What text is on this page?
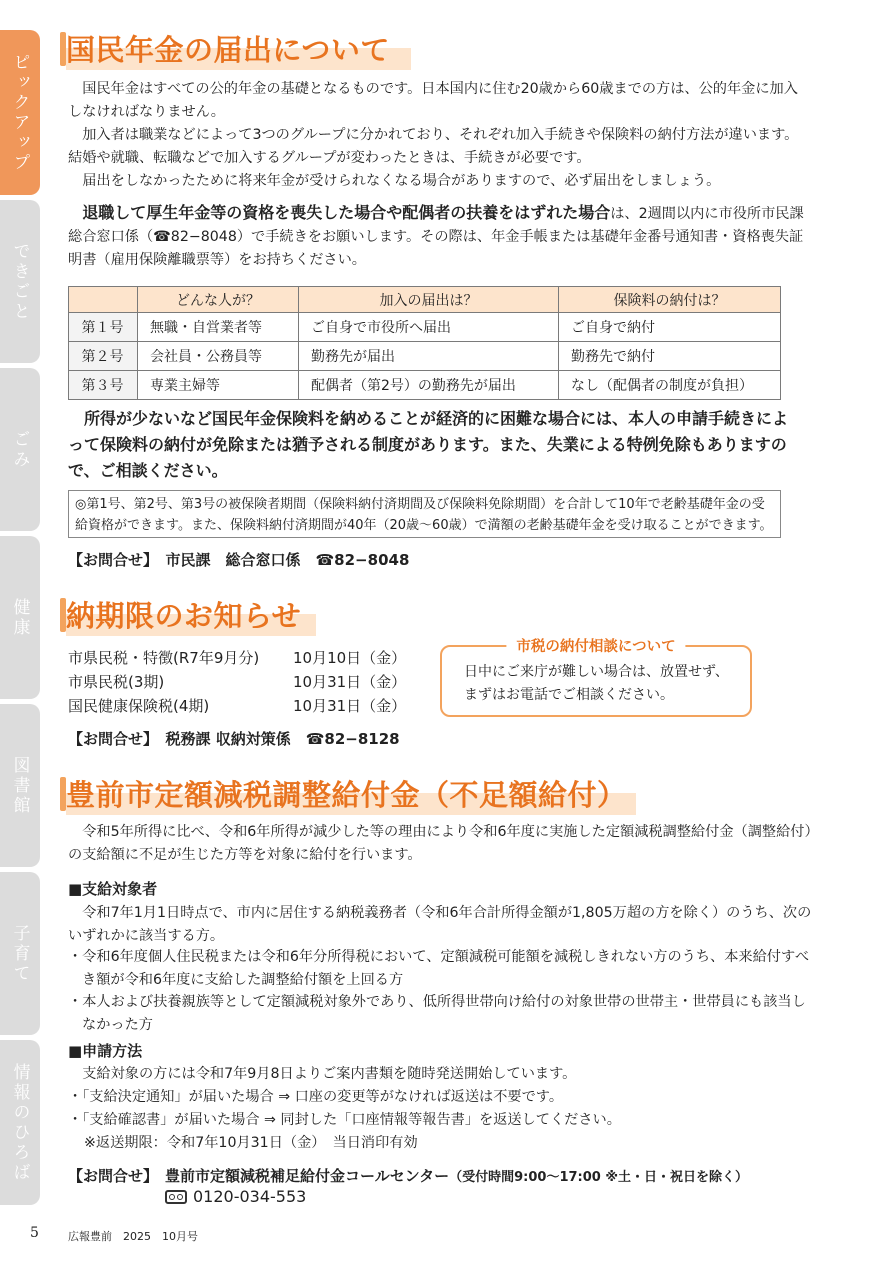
ピックアップ
できごと
ごみ
健康
図書館
子育て
情報のひろば
国民年金の届出について
国民年金はすべての公的年金の基礎となるものです。日本国内に住む20歳から60歳までの方は、公的年金に加入しなければなりません。
加入者は職業などによって3つのグループに分かれており、それぞれ加入手続きや保険料の納付方法が違います。結婚や就職、転職などで加入するグループが変わったときは、手続きが必要です。
届出をしなかったために将来年金が受けられなくなる場合がありますので、必ず届出をしましょう。
退職して厚生年金等の資格を喪失した場合や配偶者の扶養をはずれた場合は、2週間以内に市役所市民課総合窓口係（☎82−8048）で手続きをお願いします。その際は、年金手帳または基礎年金番号通知書・資格喪失証明書（雇用保険離職票等）をお持ちください。
	どんな人が？	加入の届出は？	保険料の納付は？
第１号	無職・自営業者等	ご自身で市役所へ届出	ご自身で納付
第２号	会社員・公務員等	勤務先が届出	勤務先で納付
第３号	専業主婦等	配偶者（第2号）の勤務先が届出	なし（配偶者の制度が負担）
所得が少ないなど国民年金保険料を納めることが経済的に困難な場合には、本人の申請手続きによって保険料の納付が免除または猶予される制度があります。また、失業による特例免除もありますので、ご相談ください。
◎第1号、第2号、第3号の被保険者期間（保険料納付済期間及び保険料免除期間）を合計して10年で老齢基礎年金の受給資格ができます。また、保険料納付済期間が40年（20歳〜60歳）で満額の老齢基礎年金を受け取ることができます。
【お問合せ】　市民課　総合窓口係　☎82−8048
納期限のお知らせ
市県民税・特徴(R7年9月分) 10月10日（金）
市県民税(3期)	10月31日（金）
国民健康保険税(4期)	10月31日（金）
市税の納付相談について
日中にご来庁が難しい場合は、放置せず、
まずはお電話でご相談ください。
【お問合せ】　税務課 収納対策係　☎82−8128
豊前市定額減税調整給付金（不足額給付）
令和5年所得に比べ、令和6年所得が減少した等の理由により令和6年度に実施した定額減税調整給付金（調整給付）の支給額に不足が生じた方等を対象に給付を行います。
■支給対象者
令和7年1月1日時点で、市内に居住する納税義務者（令和6年合計所得金額が1,805万超の方を除く）のうち、次のいずれかに該当する方。
・令和6年度個人住民税または令和6年分所得税において、定額減税可能額を減税しきれない方のうち、本来給付すべき額が令和6年度に支給した調整給付額を上回る方
・本人および扶養親族等として定額減税対象外であり、低所得世帯向け給付の対象世帯の世帯主・世帯員にも該当しなかった方
■申請方法
支給対象の方には令和7年9月8日よりご案内書類を随時発送開始しています。
・「支給決定通知」が届いた場合 ⇒ 口座の変更等がなければ返送は不要です。
・「支給確認書」が届いた場合 ⇒ 同封した「口座情報等報告書」を返送してください。
※返送期限：令和7年10月31日（金）　当日消印有効
【お問合せ】 豊前市定額減税補足給付金コールセンター（受付時間9:00〜17:00 ※土・日・祝日を除く）
0120-034-553
5	広報豊前　2025　10月号
